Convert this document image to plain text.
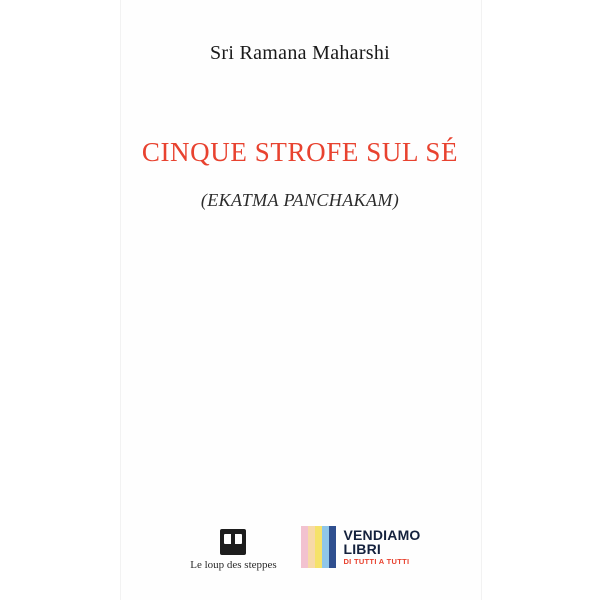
Sri Ramana Maharshi
CINQUE STROFE SUL SÉ
(EKATMA PANCHAKAM)
Le loup des steppes
VENDIAMO
LIBRI
DI TUTTI A TUTTI
